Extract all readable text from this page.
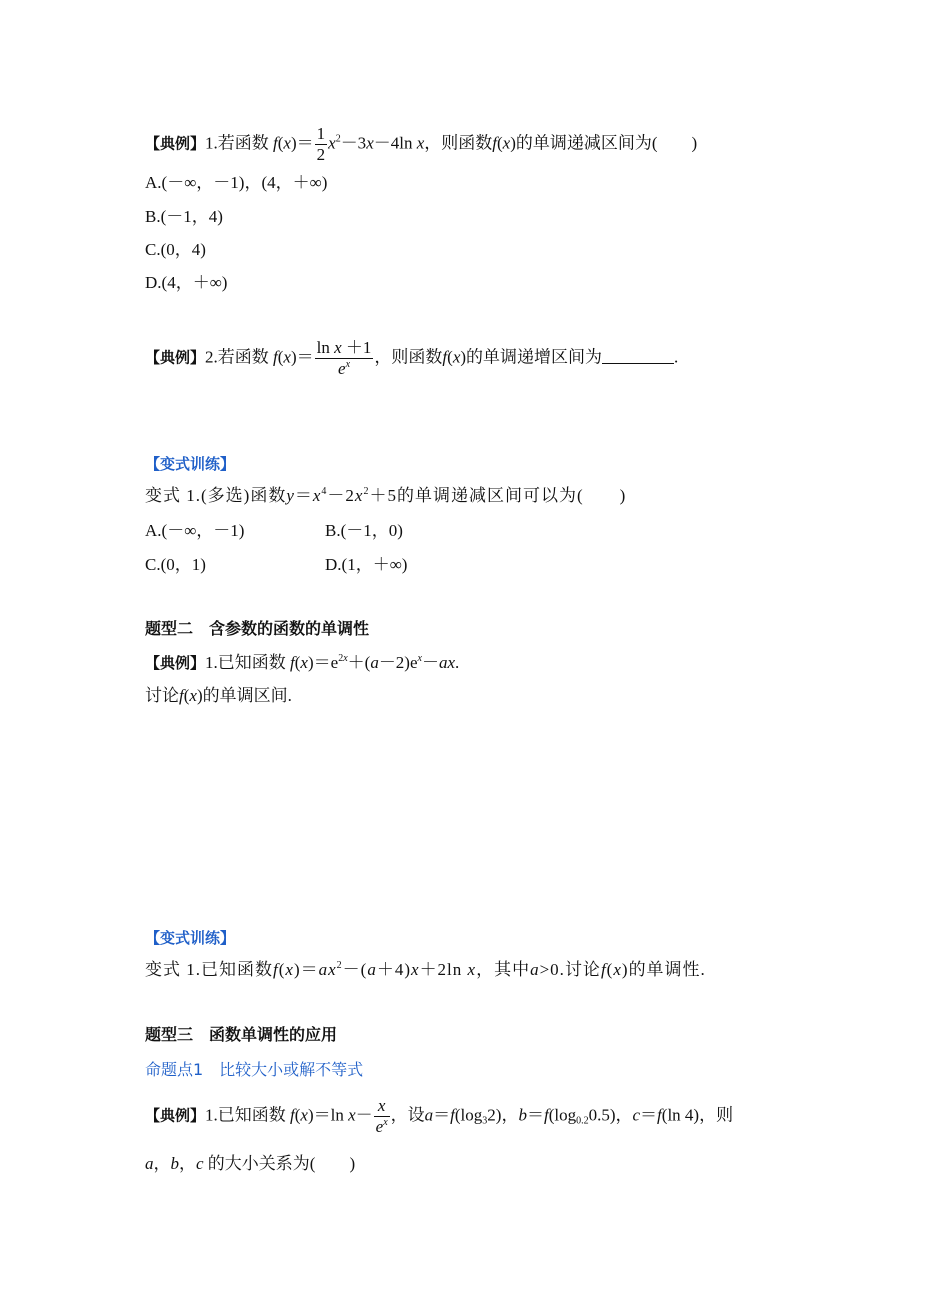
【典例】1.若函数 $f(x)= \frac{1}{2} x^2-3x-4\ln$ x，则函数f(x)的单调递减区间为(　　)
A.(－∞，－1)，(4，＋∞)
B.(－1，4)
C.(0，4)
D.(4，＋∞)
【典例】2.若函数 $f(x)= \frac{\text{ln x ＋1}}{e^x}$ ，则函数f(x)的单调递增区间为	.
【变式训练】
变式 1.(多选)函数$y=x^4-2x^2+5$的单调递减区间可以为(　　)
A.(－∞，－1)	B.(－1，0)
C.(0，1)	D.(1，＋∞)
题型二　含参数的函数的单调性
【典例】1.已知函数 $f(x)=e^{2x}+(a-2)e^x-ax$.
讨论f(x)的单调区间.
【变式训练】
变式 1.已知函数$f(x)=ax^2-(a+4)x+2\ln$ x，其中a>0.讨论f(x)的单调性.
题型三　函数单调性的应用
命题点1　比较大小或解不等式
【典例】1.已知函数 f(x)＝ln $x- \frac{x}{e^x}$ ，设$a=f(\log_32)$，$b=f(\log_{0.2}0.5)$，c＝f(ln 4)，则
a，b，c 的大小关系为(　　)
